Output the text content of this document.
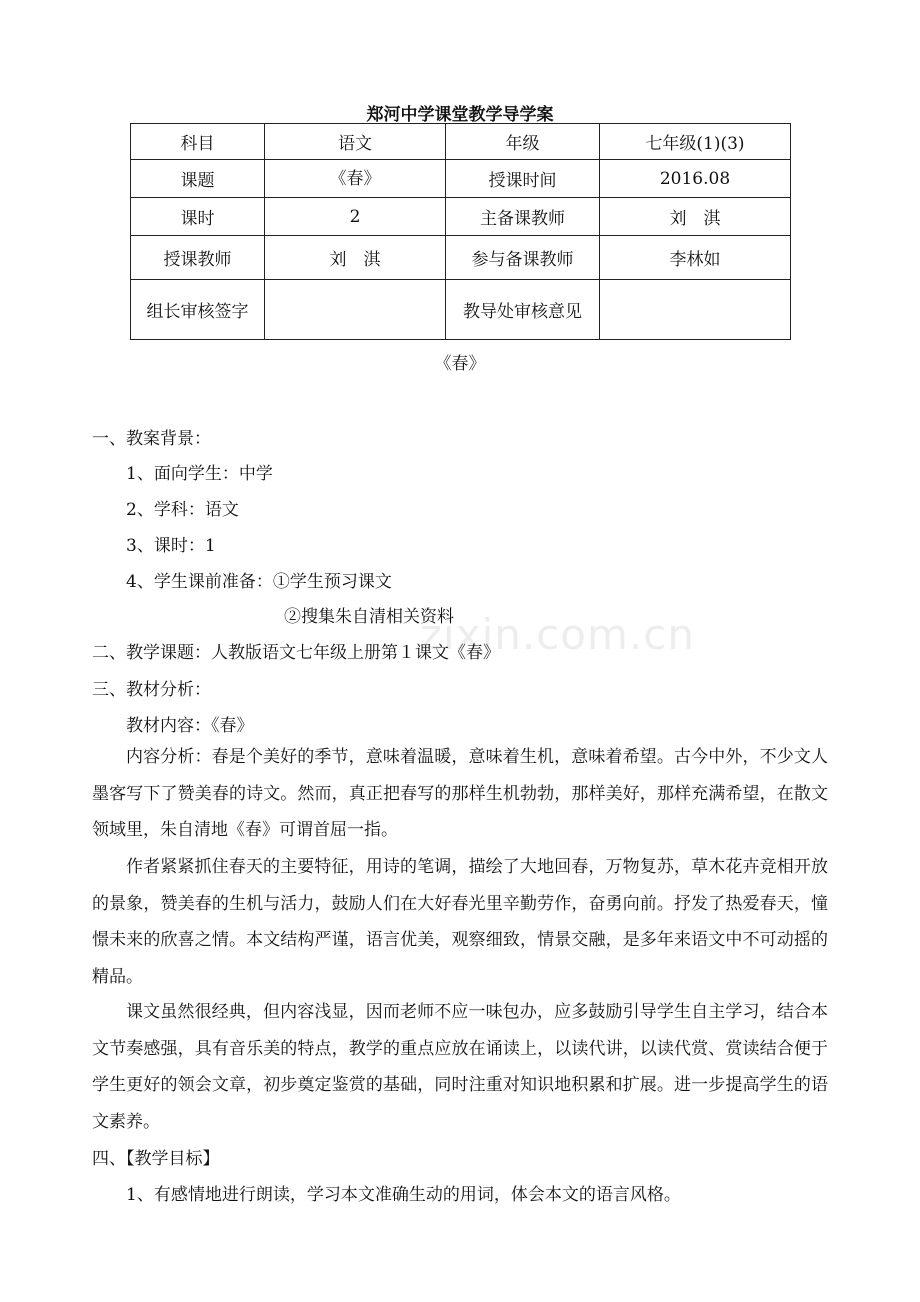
郑河中学课堂教学导学案
科目	语文	年级	七年级(1)(3)
课题	《春》	授课时间	2016.08
课时	2	主备课教师	刘　淇
授课教师	刘　淇	参与备课教师	李林如
组长审核签字		教导处审核意见	
《春》
zixin.com.cn
一、教案背景：
1、面向学生：中学
2、学科：语文
3、课时：1
4、学生课前准备：①学生预习课文
②搜集朱自清相关资料
二、教学课题：人教版语文七年级上册第１课文《春》
三、教材分析：
教材内容：《春》
内容分析：春是个美好的季节，意味着温暖，意味着生机，意味着希望。古今中外，不少文人墨客写下了赞美春的诗文。然而，真正把春写的那样生机勃勃，那样美好，那样充满希望，在散文领域里，朱自清地《春》可谓首屈一指。
作者紧紧抓住春天的主要特征，用诗的笔调，描绘了大地回春，万物复苏，草木花卉竞相开放的景象，赞美春的生机与活力，鼓励人们在大好春光里辛勤劳作，奋勇向前。抒发了热爱春天，憧憬未来的欣喜之情。本文结构严谨，语言优美，观察细致，情景交融，是多年来语文中不可动摇的精品。
课文虽然很经典，但内容浅显，因而老师不应一味包办，应多鼓励引导学生自主学习，结合本文节奏感强，具有音乐美的特点，教学的重点应放在诵读上，以读代讲，以读代赏、赏读结合便于学生更好的领会文章，初步奠定鉴赏的基础，同时注重对知识地积累和扩展。进一步提高学生的语文素养。
四、【教学目标】
1、有感情地进行朗读，学习本文准确生动的用词，体会本文的语言风格。
